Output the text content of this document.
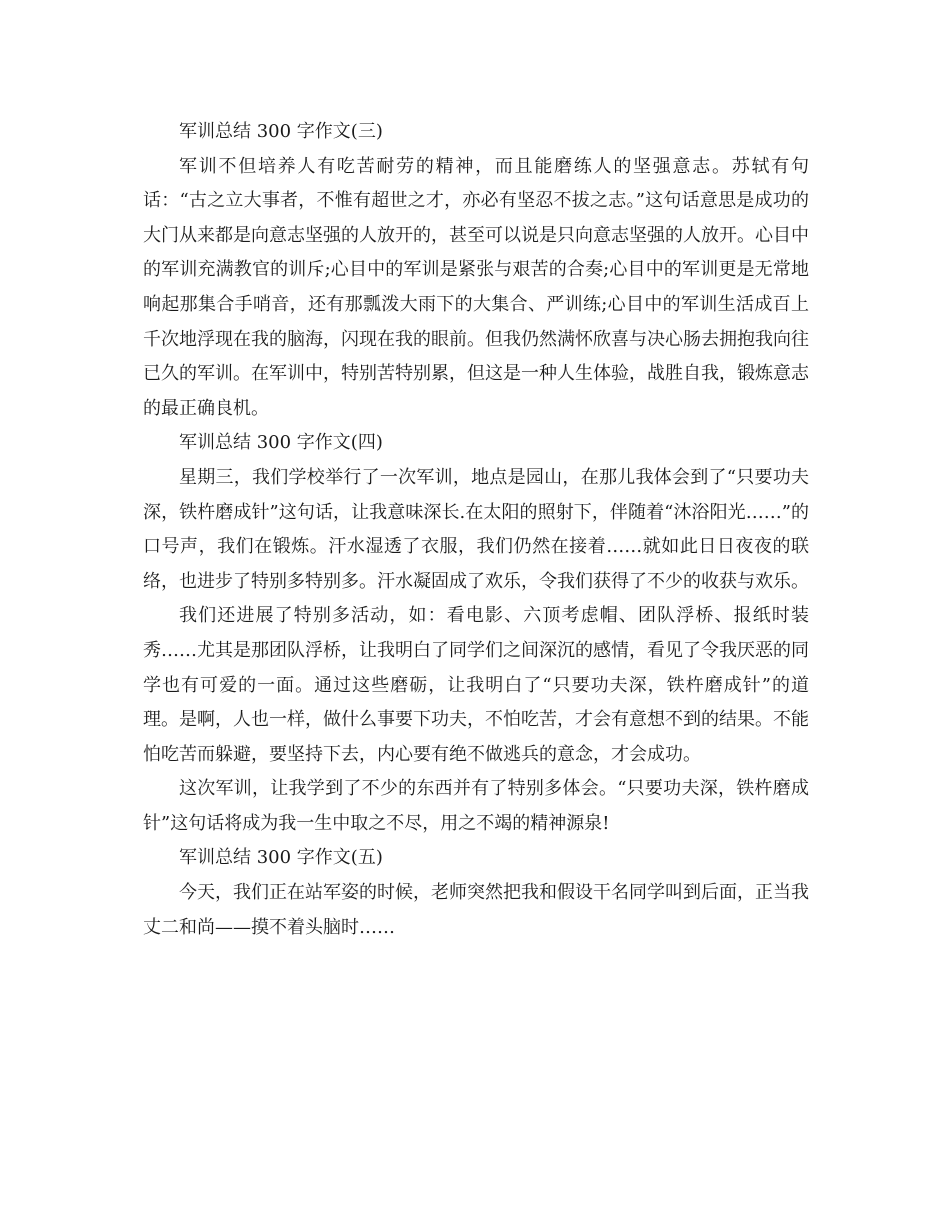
军训总结 300 字作文(三)

军训不但培养人有吃苦耐劳的精神，而且能磨练人的坚强意志。苏轼有句话：“古之立大事者，不惟有超世之才，亦必有坚忍不拔之志。”这句话意思是成功的大门从来都是向意志坚强的人放开的，甚至可以说是只向意志坚强的人放开。心目中的军训充满教官的训斥;心目中的军训是紧张与艰苦的合奏;心目中的军训更是无常地响起那集合手哨音，还有那瓢泼大雨下的大集合、严训练;心目中的军训生活成百上千次地浮现在我的脑海，闪现在我的眼前。但我仍然满怀欣喜与决心肠去拥抱我向往已久的军训。在军训中，特别苦特别累，但这是一种人生体验，战胜自我，锻炼意志的最正确良机。

军训总结 300 字作文(四)

星期三，我们学校举行了一次军训，地点是园山，在那儿我体会到了“只要功夫深，铁杵磨成针”这句话，让我意味深长.在太阳的照射下，伴随着“沐浴阳光……”的口号声，我们在锻炼。汗水湿透了衣服，我们仍然在接着……就如此日日夜夜的联络，也进步了特别多特别多。汗水凝固成了欢乐，令我们获得了不少的收获与欢乐。

我们还进展了特别多活动，如：看电影、六顶考虑帽、团队浮桥、报纸时装秀……尤其是那团队浮桥，让我明白了同学们之间深沉的感情，看见了令我厌恶的同学也有可爱的一面。通过这些磨砺，让我明白了“只要功夫深，铁杵磨成针”的道理。是啊，人也一样，做什么事要下功夫，不怕吃苦，才会有意想不到的结果。不能怕吃苦而躲避，要坚持下去，内心要有绝不做逃兵的意念，才会成功。

这次军训，让我学到了不少的东西并有了特别多体会。“只要功夫深，铁杵磨成针”这句话将成为我一生中取之不尽，用之不竭的精神源泉!

军训总结 300 字作文(五)

今天，我们正在站军姿的时候，老师突然把我和假设干名同学叫到后面，正当我丈二和尚——摸不着头脑时……
